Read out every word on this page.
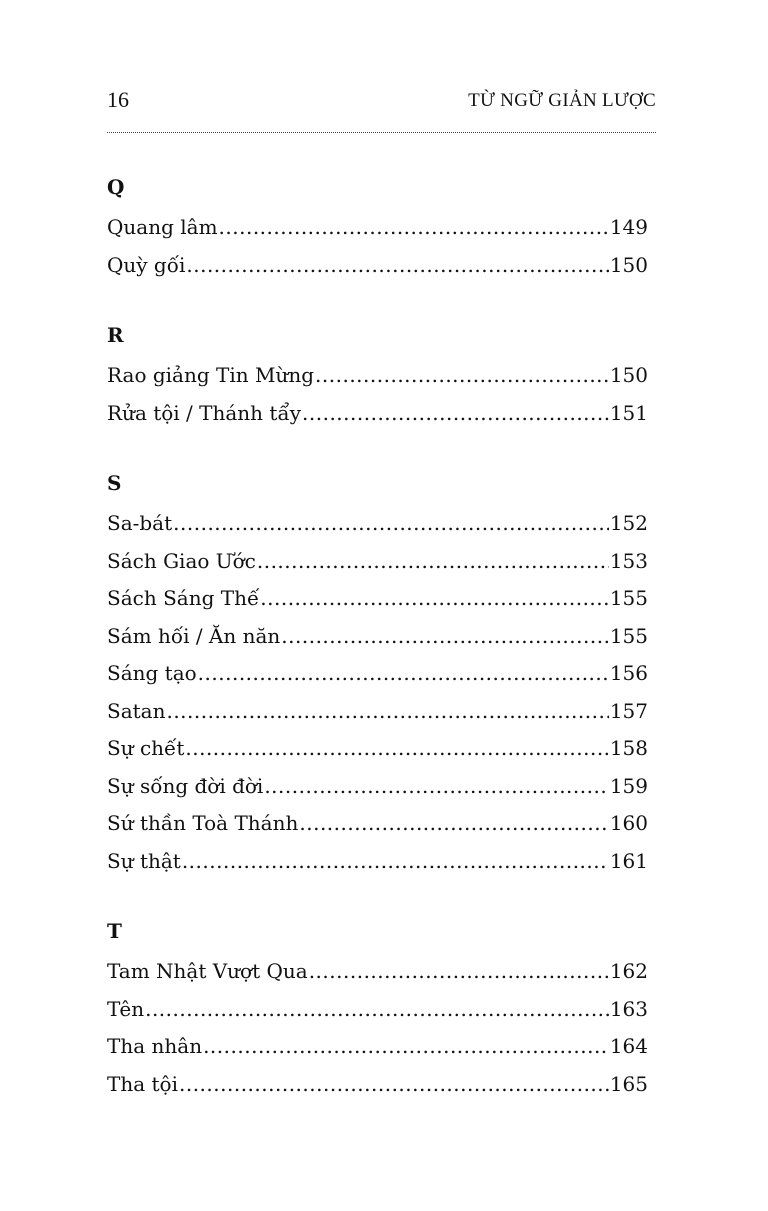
16	TỪ NGỮ GIẢN LƯỢC
Q
Quang lâm .....	149
Quỳ gối .....	150
R
Rao giảng Tin Mừng .....	150
Rửa tội / Thánh tẩy .....	151
S
Sa-bát .....	152
Sách Giao Ước .....	153
Sách Sáng Thế .....	155
Sám hối / Ăn năn .....	155
Sáng tạo .....	156
Satan .....	157
Sự chết .....	158
Sự sống đời đời .....	159
Sứ thần Toà Thánh .....	160
Sự thật .....	161
T
Tam Nhật Vượt Qua .....	162
Tên .....	163
Tha nhân .....	164
Tha tội .....	165
